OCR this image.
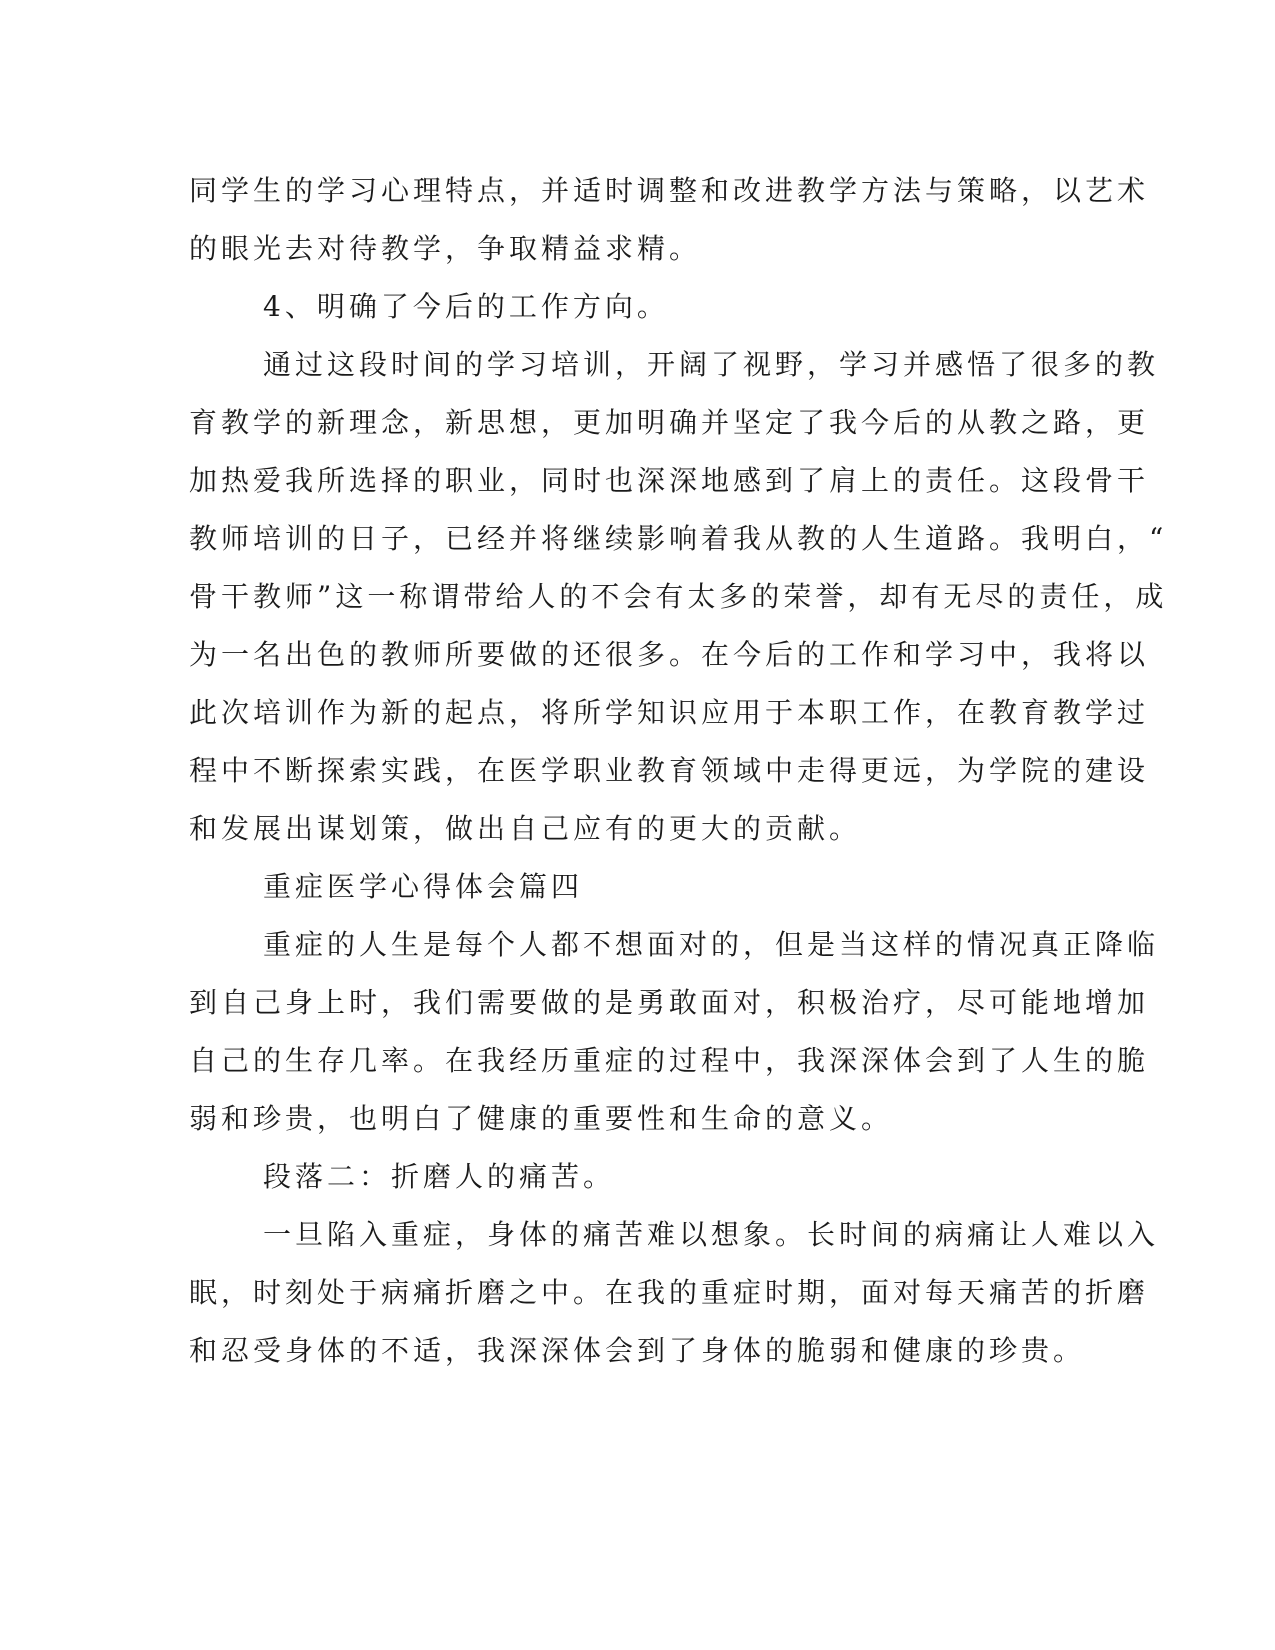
同学生的学习心理特点，并适时调整和改进教学方法与策略，以艺术
的眼光去对待教学，争取精益求精。
4、明确了今后的工作方向。
通过这段时间的学习培训，开阔了视野，学习并感悟了很多的教
育教学的新理念，新思想，更加明确并坚定了我今后的从教之路，更
加热爱我所选择的职业，同时也深深地感到了肩上的责任。这段骨干
教师培训的日子，已经并将继续影响着我从教的人生道路。我明白，“
骨干教师”这一称谓带给人的不会有太多的荣誉，却有无尽的责任，成
为一名出色的教师所要做的还很多。在今后的工作和学习中，我将以
此次培训作为新的起点，将所学知识应用于本职工作，在教育教学过
程中不断探索实践，在医学职业教育领域中走得更远，为学院的建设
和发展出谋划策，做出自己应有的更大的贡献。
重症医学心得体会篇四
重症的人生是每个人都不想面对的，但是当这样的情况真正降临
到自己身上时，我们需要做的是勇敢面对，积极治疗，尽可能地增加
自己的生存几率。在我经历重症的过程中，我深深体会到了人生的脆
弱和珍贵，也明白了健康的重要性和生命的意义。
段落二：折磨人的痛苦。
一旦陷入重症，身体的痛苦难以想象。长时间的病痛让人难以入
眠，时刻处于病痛折磨之中。在我的重症时期，面对每天痛苦的折磨
和忍受身体的不适，我深深体会到了身体的脆弱和健康的珍贵。
